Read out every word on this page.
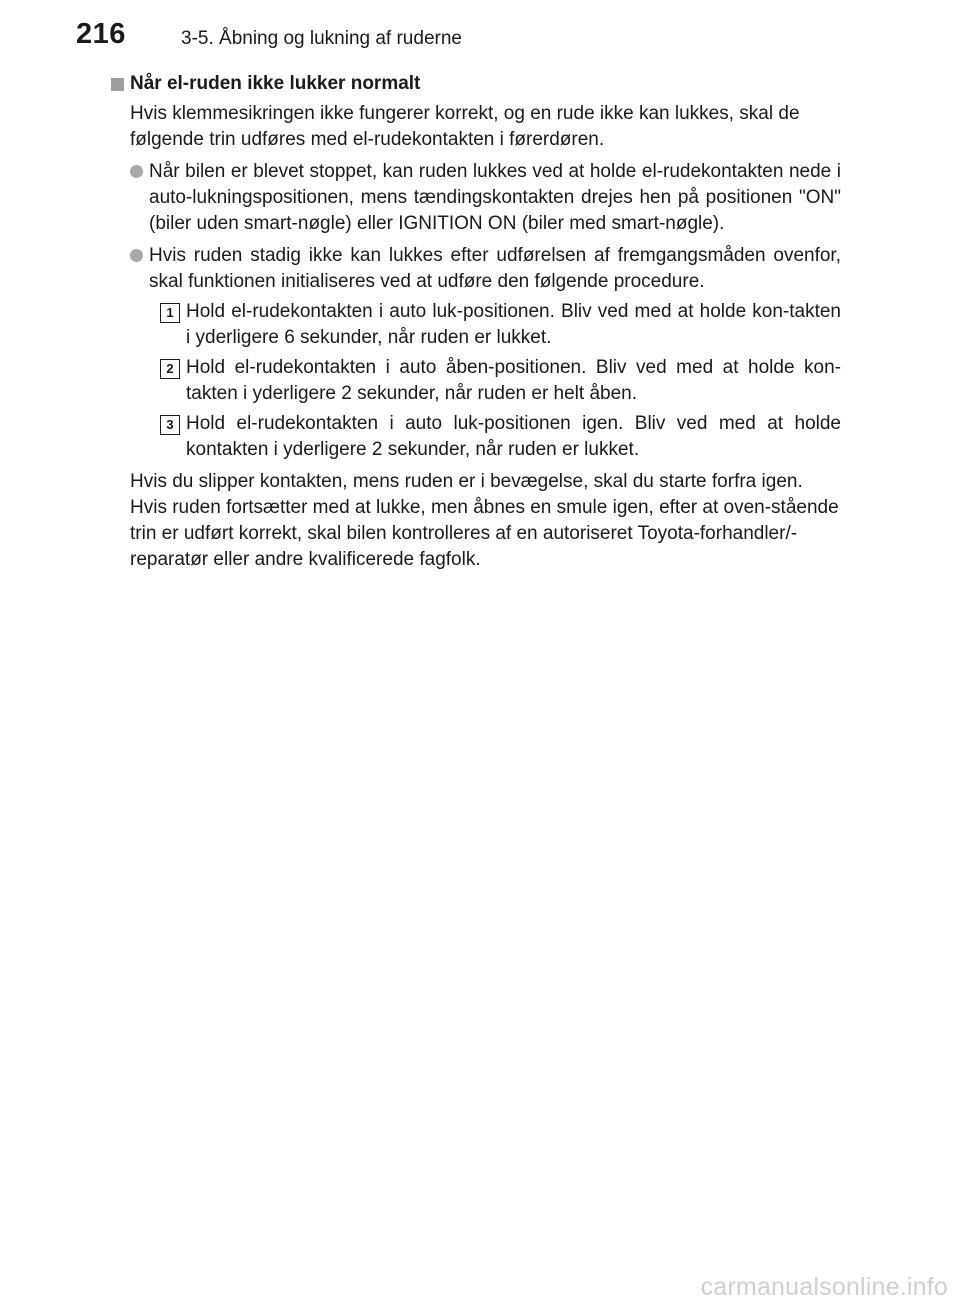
216	3-5. Åbning og lukning af ruderne
Når el-ruden ikke lukker normalt

Hvis klemmesikringen ikke fungerer korrekt, og en rude ikke kan lukkes, skal de følgende trin udføres med el-rudekontakten i førerdøren.

Når bilen er blevet stoppet, kan ruden lukkes ved at holde el-rudekontakten nede i auto-lukningspositionen, mens tændingskontakten drejes hen på positionen "ON" (biler uden smart-nøgle) eller IGNITION ON (biler med smart-nøgle).
Hvis ruden stadig ikke kan lukkes efter udførelsen af fremgangsmåden ovenfor, skal funktionen initialiseres ved at udføre den følgende procedure.
1 Hold el-rudekontakten i auto luk-positionen. Bliv ved med at holde kon-takten i yderligere 6 sekunder, når ruden er lukket.
2 Hold el-rudekontakten i auto åben-positionen. Bliv ved med at holde kon-takten i yderligere 2 sekunder, når ruden er helt åben.
3 Hold el-rudekontakten i auto luk-positionen igen. Bliv ved med at holde kontakten i yderligere 2 sekunder, når ruden er lukket.

Hvis du slipper kontakten, mens ruden er i bevægelse, skal du starte forfra igen.

Hvis ruden fortsætter med at lukke, men åbnes en smule igen, efter at oven-stående trin er udført korrekt, skal bilen kontrolleres af en autoriseret Toyota-forhandler/-reparatør eller andre kvalificerede fagfolk.

carmanualsonline.info
